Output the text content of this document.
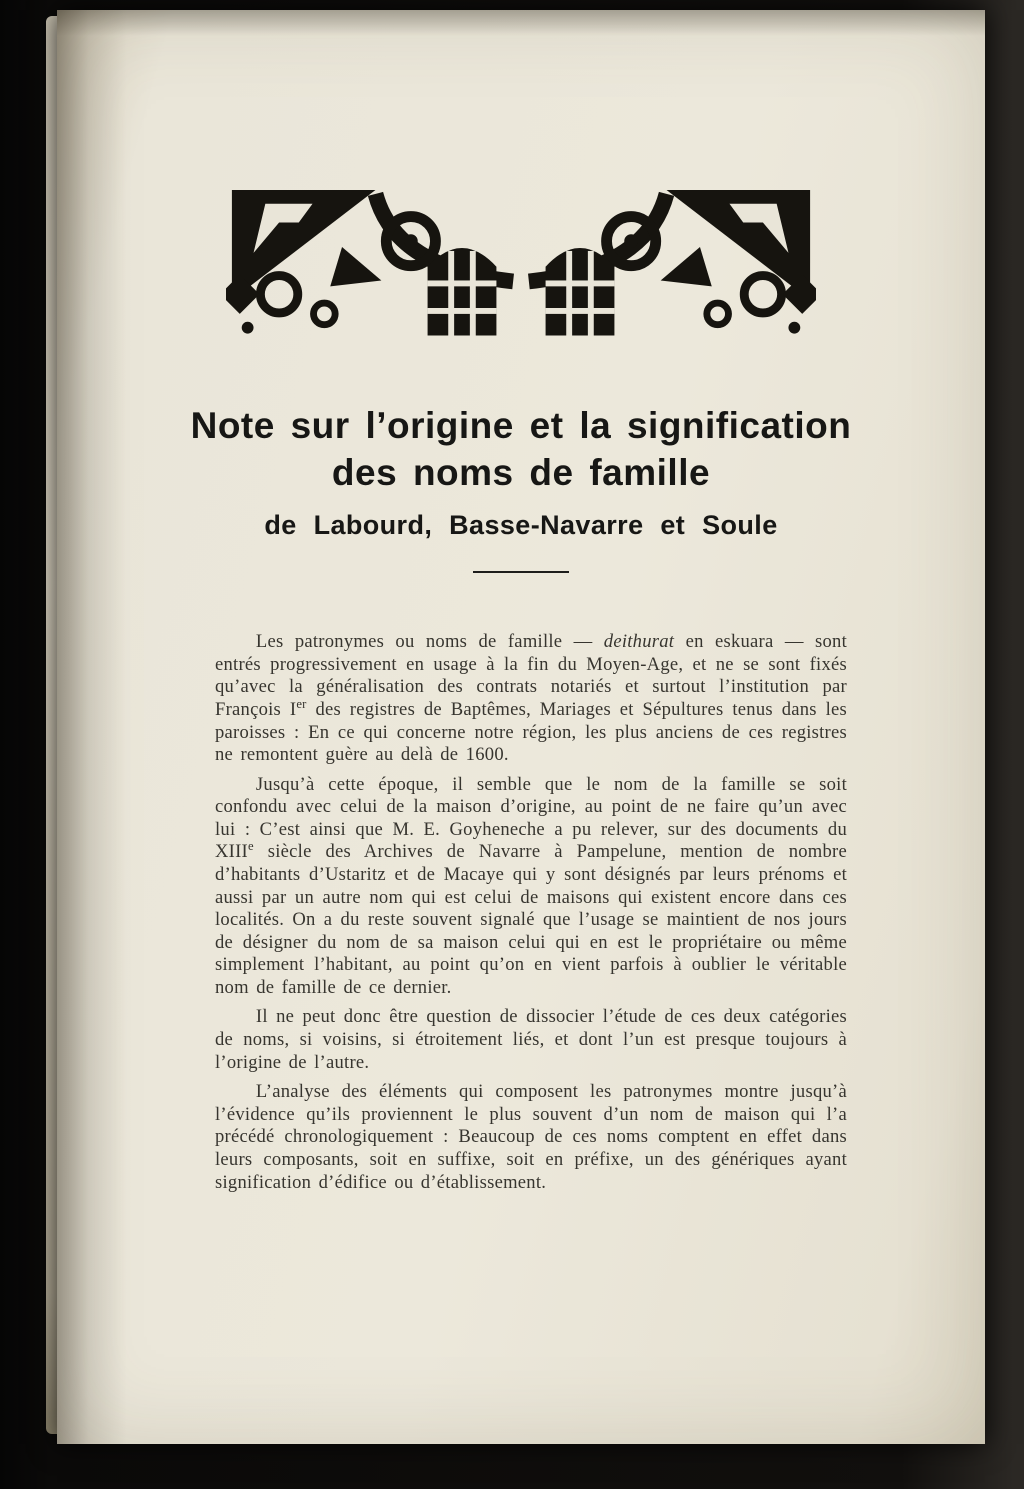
Note sur l’origine et la signification
des noms de famille
de Labourd, Basse-Navarre et Soule

Les patronymes ou noms de famille — deithurat en eskuara — sont entrés progressivement en usage à la fin du Moyen-Age, et ne se sont fixés qu’avec la généralisation des contrats notariés et surtout l’institution par François Ier des registres de Baptêmes, Mariages et Sépultures tenus dans les paroisses : En ce qui concerne notre région, les plus anciens de ces registres ne remontent guère au delà de 1600.

Jusqu’à cette époque, il semble que le nom de la famille se soit confondu avec celui de la maison d’origine, au point de ne faire qu’un avec lui : C’est ainsi que M. E. Goyheneche a pu relever, sur des documents du XIIIe siècle des Archives de Navarre à Pampelune, mention de nombre d’habitants d’Ustaritz et de Macaye qui y sont désignés par leurs prénoms et aussi par un autre nom qui est celui de maisons qui existent encore dans ces localités. On a du reste souvent signalé que l’usage se maintient de nos jours de désigner du nom de sa maison celui qui en est le propriétaire ou même simplement l’habitant, au point qu’on en vient parfois à oublier le véritable nom de famille de ce dernier.

Il ne peut donc être question de dissocier l’étude de ces deux catégories de noms, si voisins, si étroitement liés, et dont l’un est presque toujours à l’origine de l’autre.

L’analyse des éléments qui composent les patronymes montre jusqu’à l’évidence qu’ils proviennent le plus souvent d’un nom de maison qui l’a précédé chronologiquement : Beaucoup de ces noms comptent en effet dans leurs composants, soit en suffixe, soit en préfixe, un des génériques ayant signification d’édifice ou d’établissement.
